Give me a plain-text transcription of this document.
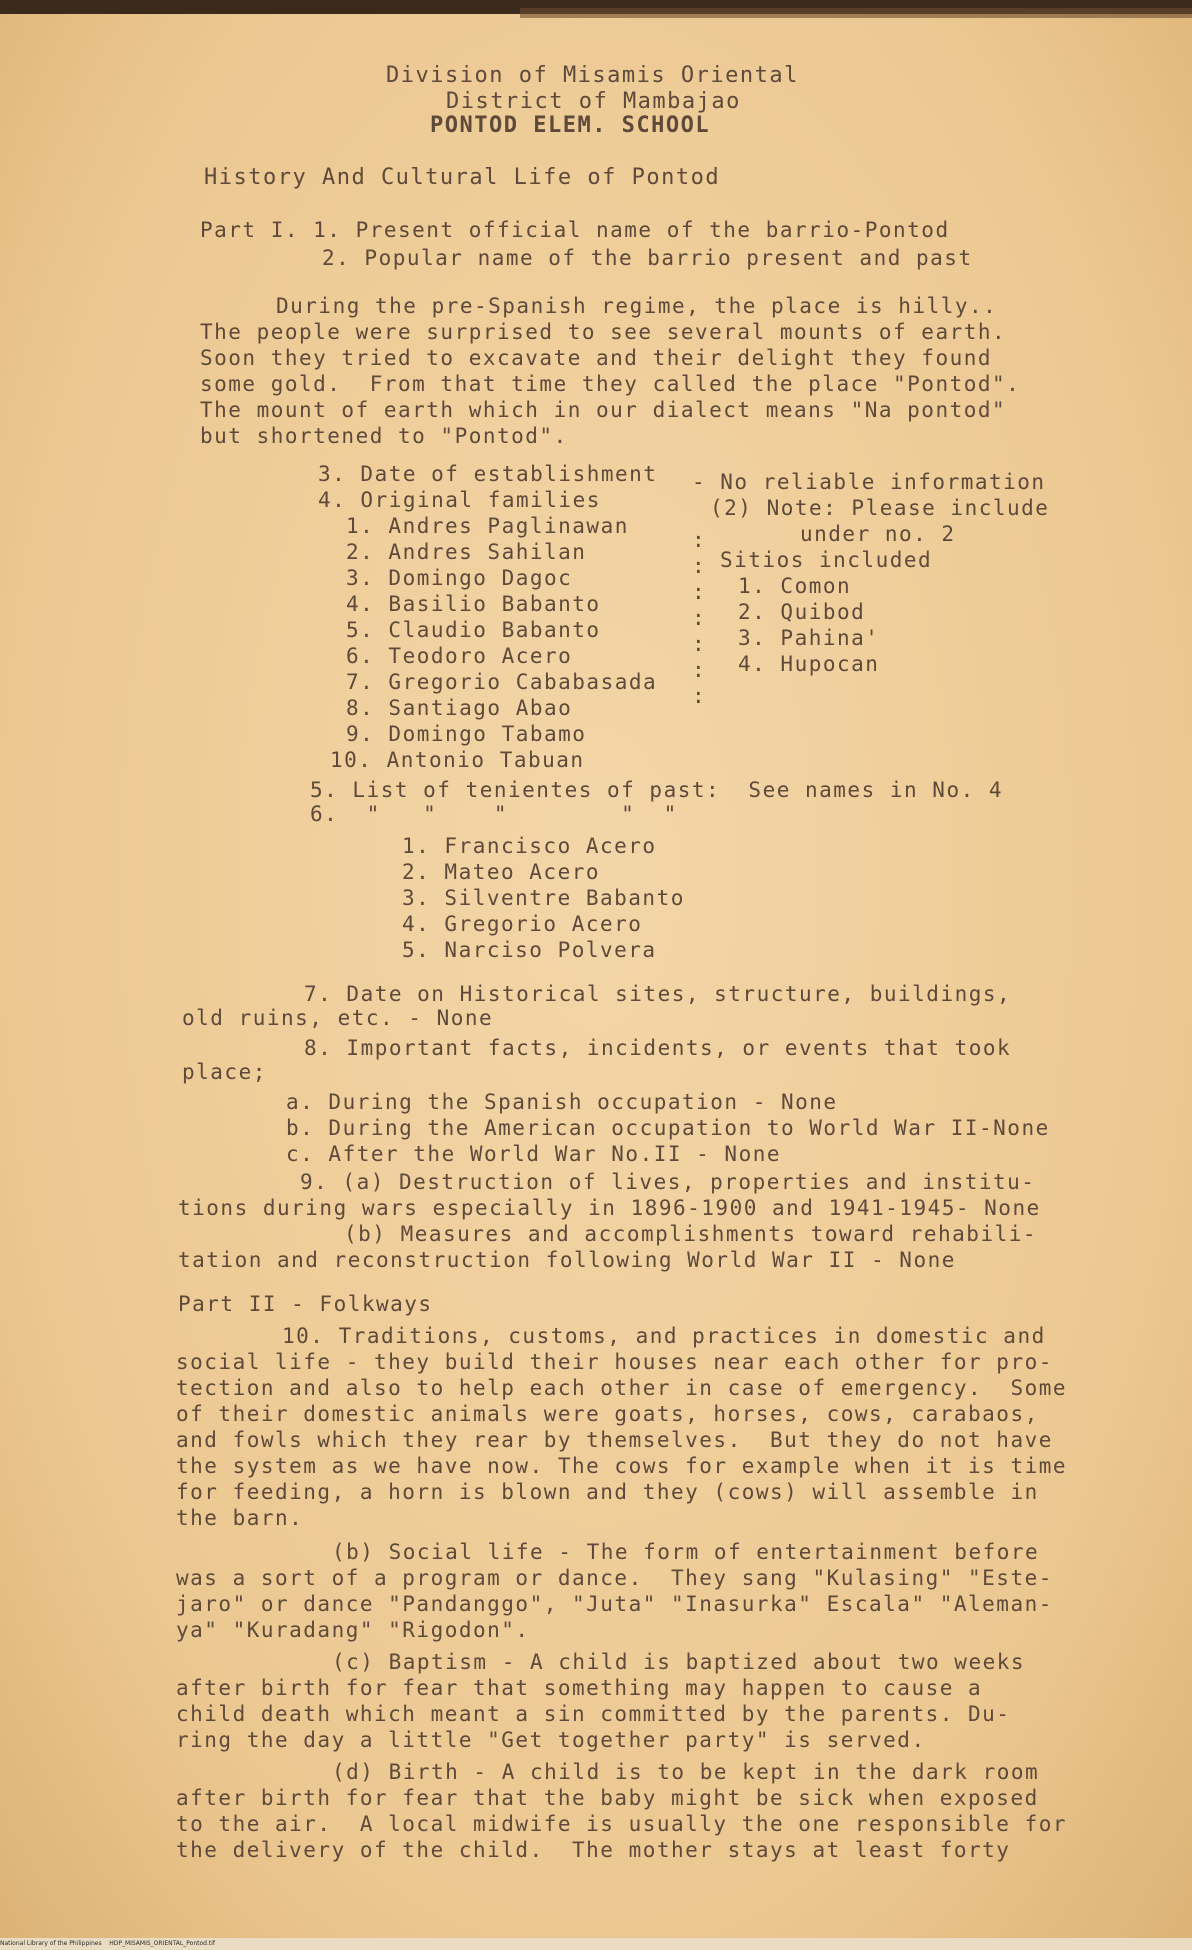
Division of Misamis Oriental
District of Mambajao
PONTOD ELEM. SCHOOL
History And Cultural Life of Pontod
Part I. 1. Present official name of the barrio-Pontod
2. Popular name of the barrio present and past
During the pre-Spanish regime, the place is hilly..
The people were surprised to see several mounts of earth.
Soon they tried to excavate and their delight they found
some gold.  From that time they called the place "Pontod".
The mount of earth which in our dialect means "Na pontod"
but shortened to "Pontod".
3. Date of establishment - No reliable information
4. Original families
1. Andres Paglinawan
2. Andres Sahilan
3. Domingo Dagoc
4. Basilio Babanto
5. Claudio Babanto
6. Teodoro Acero
7. Gregorio Cababasada
8. Santiago Abao
9. Domingo Tabamo
10. Antonio Tabuan
:
:
:
:
:
:
:
(2) Note: Please include
under no. 2
Sitios included
1. Comon
2. Quibod
3. Pahina'
4. Hupocan
5. List of tenientes of past:  See names in No. 4
6.  "   "    "        "  "
1. Francisco Acero
2. Mateo Acero
3. Silventre Babanto
4. Gregorio Acero
5. Narciso Polvera
7. Date on Historical sites, structure, buildings,
old ruins, etc. - None
8. Important facts, incidents, or events that took
place;
a. During the Spanish occupation - None
b. During the American occupation to World War II-None
c. After the World War No.II - None
9. (a) Destruction of lives, properties and institu-
tions during wars especially in 1896-1900 and 1941-1945- None
(b) Measures and accomplishments toward rehabili-
tation and reconstruction following World War II - None
Part II - Folkways
10. Traditions, customs, and practices in domestic and
social life - they build their houses near each other for pro-
tection and also to help each other in case of emergency.  Some
of their domestic animals were goats, horses, cows, carabaos,
and fowls which they rear by themselves.  But they do not have
the system as we have now. The cows for example when it is time
for feeding, a horn is blown and they (cows) will assemble in
the barn.
(b) Social life - The form of entertainment before
was a sort of a program or dance.  They sang "Kulasing" "Este-
jaro" or dance "Pandanggo", "Juta" "Inasurka" Escala" "Aleman-
ya" "Kuradang" "Rigodon".
(c) Baptism - A child is baptized about two weeks
after birth for fear that something may happen to cause a
child death which meant a sin committed by the parents. Du-
ring the day a little "Get together party" is served.
(d) Birth - A child is to be kept in the dark room
after birth for fear that the baby might be sick when exposed
to the air.  A local midwife is usually the one responsible for
the delivery of the child.  The mother stays at least forty
National Library of the Philippines    HDP_MISAMIS_ORIENTAL_Pontod.tif
